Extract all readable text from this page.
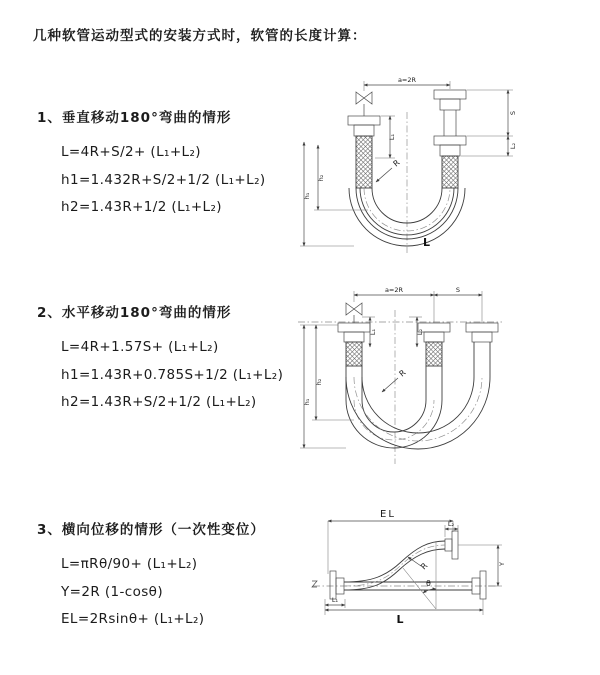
几种软管运动型式的安装方式时，软管的长度计算：

1、垂直移动180°弯曲的情形

L=4R+S/2+ (L₁+L₂)

h1=1.432R+S/2+1/2 (L₁+L₂)

h2=1.43R+1/2 (L₁+L₂)

2、水平移动180°弯曲的情形

L=4R+1.57S+ (L₁+L₂)

h1=1.43R+0.785S+1/2 (L₁+L₂)

h2=1.43R+S/2+1/2 (L₁+L₂)

3、横向位移的情形（一次性变位）

L=πRθ/90+ (L₁+L₂)

Y=2R (1-cosθ)

EL=2Rsinθ+ (L₁+L₂)

a=2R
L₁
S
L₂
h₁
h₂
R
L
a=2R	S
L₁	L₂
h₁
h₂
R
θ
R
EL
L₂
Y
L₁
L
